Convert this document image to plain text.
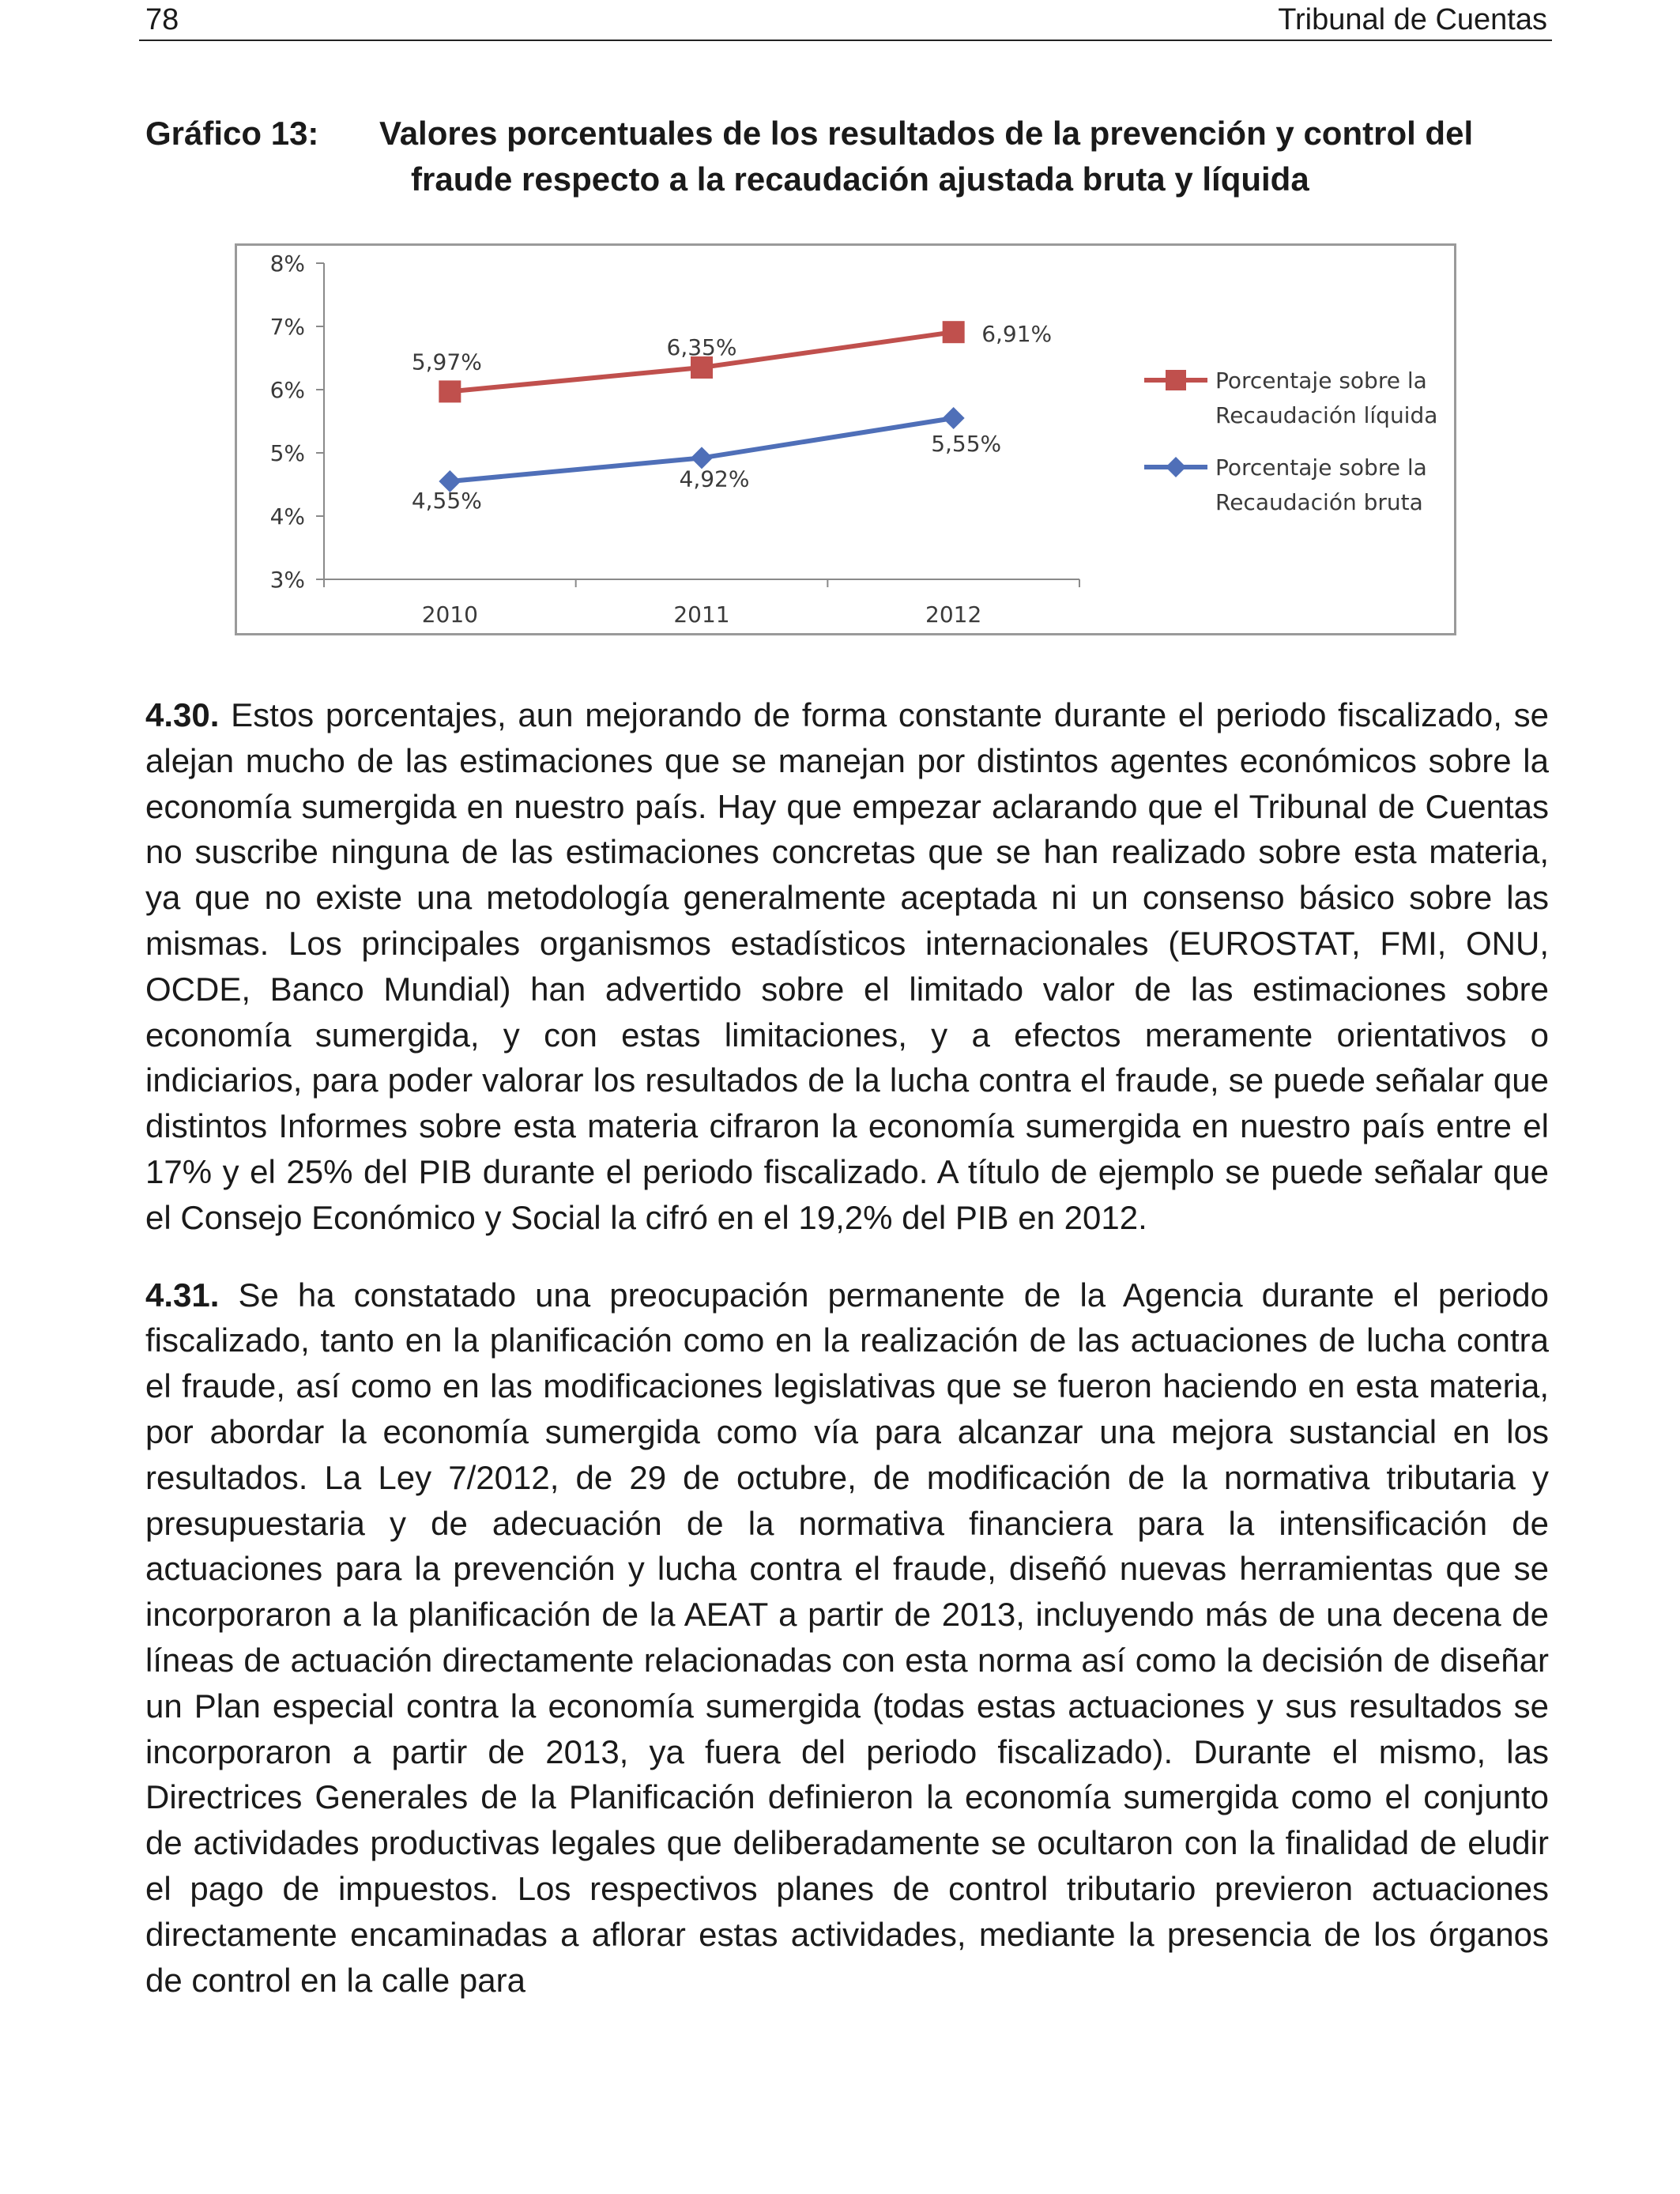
78	Tribunal de Cuentas
Gráfico 13: Valores porcentuales de los resultados de la prevención y control del
fraude respecto a la recaudación ajustada bruta y líquida
8%
7%
6%
5%
4%
3%
2010	2011	2012
5,97%
6,35%
6,91%
4,55%
4,92%
5,55%
Porcentaje sobre la
Recaudación líquida
Porcentaje sobre la
Recaudación bruta

4.30. Estos porcentajes, aun mejorando de forma constante durante el periodo fiscalizado, se alejan mucho de las estimaciones que se manejan por distintos agentes económicos sobre la economía sumergida en nuestro país. Hay que empezar aclarando que el Tribunal de Cuentas no suscribe ninguna de las estimaciones concretas que se han realizado sobre esta materia, ya que no existe una metodología generalmente aceptada ni un consenso básico sobre las mismas. Los principales organismos estadísticos internacionales (EUROSTAT, FMI, ONU, OCDE, Banco Mundial) han advertido sobre el limitado valor de las estimaciones sobre economía sumergida, y con estas limitaciones, y a efectos meramente orientativos o indiciarios, para poder valorar los resultados de la lucha contra el fraude, se puede señalar que distintos Informes sobre esta materia cifraron la economía sumergida en nuestro país entre el 17% y el 25% del PIB durante el periodo fiscalizado. A título de ejemplo se puede señalar que el Consejo Económico y Social la cifró en el 19,2% del PIB en 2012.

4.31. Se ha constatado una preocupación permanente de la Agencia durante el periodo fiscalizado, tanto en la planificación como en la realización de las actuaciones de lucha contra el fraude, así como en las modificaciones legislativas que se fueron haciendo en esta materia, por abordar la economía sumergida como vía para alcanzar una mejora sustancial en los resultados. La Ley 7/2012, de 29 de octubre, de modificación de la normativa tributaria y presupuestaria y de adecuación de la normativa financiera para la intensificación de actuaciones para la prevención y lucha contra el fraude, diseñó nuevas herramientas que se incorporaron a la planificación de la AEAT a partir de 2013, incluyendo más de una decena de líneas de actuación directamente relacionadas con esta norma así como la decisión de diseñar un Plan especial contra la economía sumergida (todas estas actuaciones y sus resultados se incorporaron a partir de 2013, ya fuera del periodo fiscalizado). Durante el mismo, las Directrices Generales de la Planificación definieron la economía sumergida como el conjunto de actividades productivas legales que deliberadamente se ocultaron con la finalidad de eludir el pago de impuestos. Los respectivos planes de control tributario previeron actuaciones directamente encaminadas a aflorar estas actividades, mediante la presencia de los órganos de control en la calle para
